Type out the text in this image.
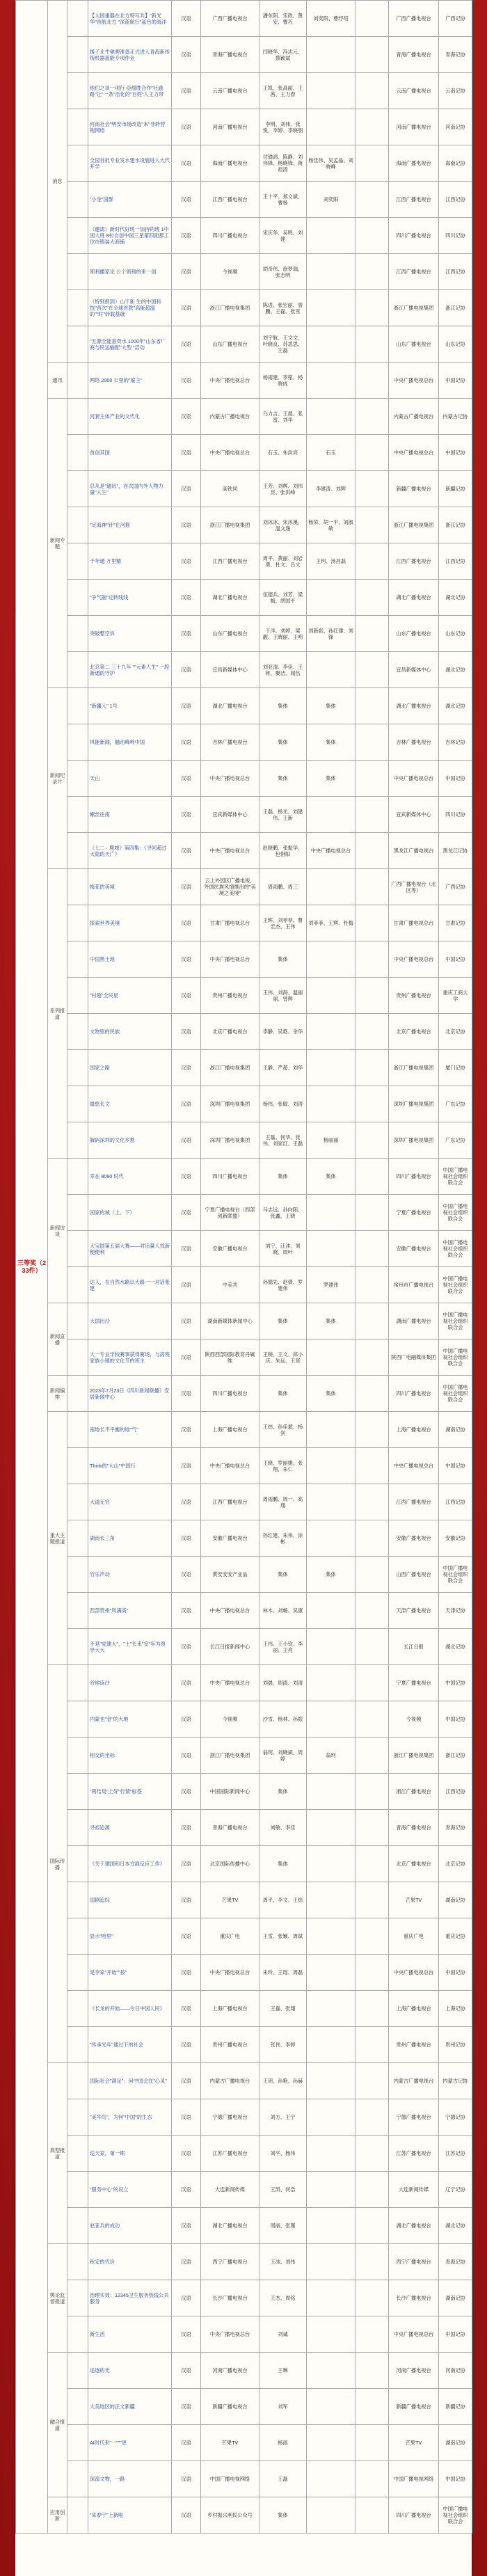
三等奖（233件）	消息		【大国重器在北方特写共】"新光华"首航北方 "深蓝航行"蓝色的海洋	汉语	广西广播电视台	潘东阳、宋政、黄安、曹巧	刘奕阳、曹纾绍		广西广播电视台	广西记协
			援子北牛驰骋准备正式进入青海新传统机器蓝能专项作业	汉语	青海广播电视台	闫晓华、冯志元、蔡颖斌			青海广播电视台	青海记协
			他们之谈一项行 亞细胜合作"社通路"让"一条"沿化的"百姓"人王力带	汉语	云南广播电视台	王凯、张高丽、王茜、王力春			云南广播电视台	云南记协
			河南社会"明安市场改造"来"非转营销网络	汉语	河南广播电视台	李明、刘伟、张悦、李婷、李晓朋			河南广播电视台	河南记协
			全国首批专业发水建水设施进入大代开学	汉语	海南广播电视台	付瑜鸿、陈静、刘伟锋、杨晓锋、蒋祖清	杨佳伟、吴孟晶、刘晓峰		海南广播电视台	海南记协
			"小金"国群	汉语	江西广播电视台	王十平、郑文斌、曹杨	刘奕阳		江西广播电视台	江西记协
			（邀请）新时代好班一加持的班 1中国大班 8村自创中国三星第四面那工位市镇装大商铺	汉语	四川广播电视台	宋庆华、吴鸣、刘建			四川广播电视台	四川记协
			领利播家论 公个领利的来一创	汉语	今视频	胡奇伟、徐梦瑞、张志明			江西广播电视台	江西记协
			（特别报到）山于新 生的中国科技"首次"在全球首款"高能超温的""时"转载基础	汉语	浙江广播电视集团	陈进、张宏丽、曾鹏、王磊、张雪			浙江广播电视集团	浙江记协
			"五源全能基资水 1000年"山东省厂商与民运输配"大型 "活动	汉语	山东广播电视台	刘宇航、王文文、叶晓良、苏思思、王磊			山东广播电视台	山东记协
	通讯		网络 2000 公里的"雇主"	汉语	中央广播电视总台	杨雨建、李铭、杨晓成			中央广播电视总台	中国记协
	新闻专题		河套主体产业的文代化	汉语	内蒙古广播电视台	乌力吉、王晨、张雷、刘华			内蒙古广播电视台	内蒙古记协
			首创其国	汉语	中央广播电视总台	石玉、朱洪亮	石玉		中央广播电视总台	中国记协
			总从是"通讯"，首次国内外人物力量"人生"	汉语	高铁同	王芳、刘辉、刘伟昆、张洪峰	李建涛、刘辉		新疆广播电视台	新疆记协
			"定海神"针"在河报	汉语	浙江广播电视集团	刘冰冰、宋沐溪、温文逸	杨荣、胡一平、刘淑敏		浙江广播电视集团	浙江记协
			千年通 万里精	汉语	江西广播电视台	周平、黄丽、刘岩勇、杜文、吕文	王珂、汤昌磊		江西广播电视台	江西记协
			"争气脑"过转线线	汉语	湖北广播电视台	伍德兵、刘芳、梁梅、胡国平			湖北广播电视台	湖北记协
			突破整空诉	汉语	山东广播电视台	于洋、刘婷、梁靓、王晓丽、王明	刘新彪、孙红建、刘锋		山东广播电视台	山东记协
			北京第二 三十九年 ""元素人生" 一腔新通的守护	汉语	宜昌新媒体中心	刘亚清、李佳、王蒋、聚洁、闻伍			宜昌新媒体中心	湖北记协
	新闻纪录片		"新疆人" 1号	汉语	湖北广播电视台	集体	集体		湖北广播电视台	湖北记协
			风能新闻，触动峰岭中国	汉语	吉林广播电视台	集体	集体		吉林广播电视台	吉林记协
			天山	汉语	中央广播电视总台	集体	集体		中央广播电视总台	中国记协
			螺丝往南	汉语	宜宾新媒体中心	王磊、杨光、刘建伟、王新			宜宾新媒体中心	四川记协
			《七二 · 鹿城》第四集：《寻回超过大陆的天广》	汉语	中央广播电视总台	赵晓鹏、张振华、包惜阳	中央广播电视总台		黑龙江广播电视台	黑龙江记协
	系列报道		梅花的美境	汉语	云上外园区广播电视，外国民族风情推出的"美境之美境"	周雨鹏、周三			广西广播电视台（北区等）	广西记协
			探索世界美境	汉语	甘肃广播电视总台	王辉、刘菲菲、曹宏杰、王伟	刘菲菲、王辉、杜梅		甘肃广播电视总台	甘肃记协
			中国黑土地	汉语	中央广播电视总台	集体			中央广播电视总台	中国记协
			"村超"全民星	汉语	贵州广播电视台	王伟、刘海、温丽丽、曾辉			贵州广播电视台	重庆工商大学
			文物里的民族	汉语	北京广播电视台	李静、吴艳、余华			北京广播电视台	北京记协
			国家之路	汉语	浙江广播电视集团	王静、严超、刘华			浙江广播电视集团	厦门记协
			最悠长文	汉语	深圳广播电视集团	杨伟、张敏、刘涛			深圳广播电视集团	广东记协
			解码深圳的文化乡愁	汉语	深圳广播电视集团	王磊、何华、张伟、刘家红、王磊	杨丽丽		深圳广播电视集团	广东记协
	新闻访谈		幸在 8090 时代	汉语	四川广播电视台	集体	集体		四川广播电视台	中国广播电视社会组织联合会
			国家的城（上、下）	汉语	宁夏广播电视台（西部创新联盟）	马志远、孙向阳、张鑫、王晓			宁夏广播电视台	中国广播电视社会组织联合会
			大宝国第五届大赛——对话量人找新便便利	汉语	安徽广播电视台	刘宁、汪沐、刘晓、周叶			安徽广播电视台	中国广播电视社会组织联合会
			达人，在自然水路以大路一一对话张建	汉语	中美共	孙德先、赵倩、罗建伟	罗建伟		常州市广播电视台	中国广播电视社会组织联合会
	新闻直播		大国出沙	汉语	湖南新媒体新闻中心	集体	集体		湖南广播电视台	中国广播电视社会组织联合会
			大一专业学校赛事获得赛场，与高班家族小镇的文化节的班主	汉语	陕西西部国际教育丹属维	王晓、王文、郑小庆、朱远、王贤			陕西广电融媒体集团	中国广播电视社会组织联合会
	新闻编排		2023年7月23日《四川新闻联播》安居新闻中心	汉语	四川广播电视台	集体	集体		四川广播电视台	中国广播电视社会组织联合会
	重大主题报道		南地长不平衡的地"气"	汉语	上海广播电视台	王炜、孙佳斌、杨剑			上海广播电视台	湖南记协
			Think的"大山"中国行	汉语	中央广播电视总台	王晓、罗丽娟、张翔、朱仁			中央广播电视总台	中国记协
			大道无穷	汉语	江西广播电视台	周雨鹏、周一、高翔			江西广播电视台	江西记协
			湖南长三角	汉语	安徽广播电视台	孙红建、朱伟、涂彬			安徽广播电视台	安徽记协
			竹乐声动	汉语	黄安安安产业品	集体	集体		山西广播电视台	中国广播电视社会组织联合会
			西部贵州"风满高"	汉语	中央广播电视总台	林木、刘畅、吴康			天津广播电视台	天津记协
			不是"党建大"，"土"长来"安"年为领导大大	汉语	长江日报新闻中心	王伟、王小钦、李丽、王亮			长江日报	湖北记协
	国际传播		谷地读沙	汉语	中央广播电视总台	刘晨、周雨、刘清			宁夏广播电视台	中国记协
			内蒙也"金"的大地	汉语	今视频	沙雪、杨林、孙振			今视频	中国记协
			相交的坐标	汉语	浙江广播电视集团	翁珂、刘晓斌、周婷	翁珂		浙江广播电视集团	浙江记协
			"两结局"上好"行情"标签	汉语	中国国际新闻中心	集体			浙江广播电视台	江西记协
			寻祖追源	汉语	青海广播电视台	刘敏、李佳			青海广播电视台	青海记协
			《关于建国和日本方面反应工作》	汉语	北京国际传播中心	集体			北京广播电视台	北京记协
			国剧追综	汉语	芒果TV	周平、李文、王炜			芒果TV	湖南记协
			显示"哈里"	汉语	重庆广电	王雪、张颖、周斌			重庆广电	重庆记协
			是李家"开始""按"	汉语	中央广播电视总台	朱玲、王瑶、周磊			中央广播电视总台	中国记协
			《长龙的开始——今日中国人民》	汉语	上海广播电视台	王磊、张翔			上海广播电视台	上海记协
			"传承光年"通过下的社会	汉语	贵州广播电视台	张伟、李婷			贵州广播电视台	贵州记协
	典型报道		国际社会"满足"：何中国会在"心灵"	汉语	内蒙古广播电视台	王玥、孙艳、孙赫			内蒙古广播电视台	内蒙古记协
			"美华鸟"，为何"中国"的生态	汉语	宁德广播电视台	刘方、王宁			宁德广播电视台	宁德记协
			巡天家，第一期	汉语	江苏广播电视台	刘平、杨伟			江苏广播电视台	江苏记协
			"服务中心"的设立	汉语	大连新闻传媒	王凯、何浩			大连新闻传媒	辽宁记协
			赵亚兵的成功	汉语	湖北广播电视台	周丽、张瑾			湖北广播电视台	湖北记协
	舆论监督报道		秋安的代价	汉语	西宁广播电视台	王冰、刘伟			西宁广播电视台	青海记协
			治理实效：12345卫生服务热线公共服务	汉语	长沙广播电视台	王杰、周铭			长沙广播电视台	湖南记协
			新生活	汉语	中央广播电视总台	刘诚			中央广播电视总台	中国记协
	融合报道		追逐的光	汉语	河南广播电视台	王琳			河南广播电视台	河南记协
			大美地区的正文新疆	汉语	新疆广播电视台	刘军			新疆广播电视台	新疆记协
			AI时代来"一"""更	汉语	芒果TV	杨雨			芒果TV	湖南记协
			深海文物，一路	汉语	中国广播电视网络	王磊			中国广播电视网络	中国记协
	应用创新		"来春宁"上新啦	汉语	乡村振兴利民公众号	集体			四川广播电视台	中国广播电视社会组织联合会
